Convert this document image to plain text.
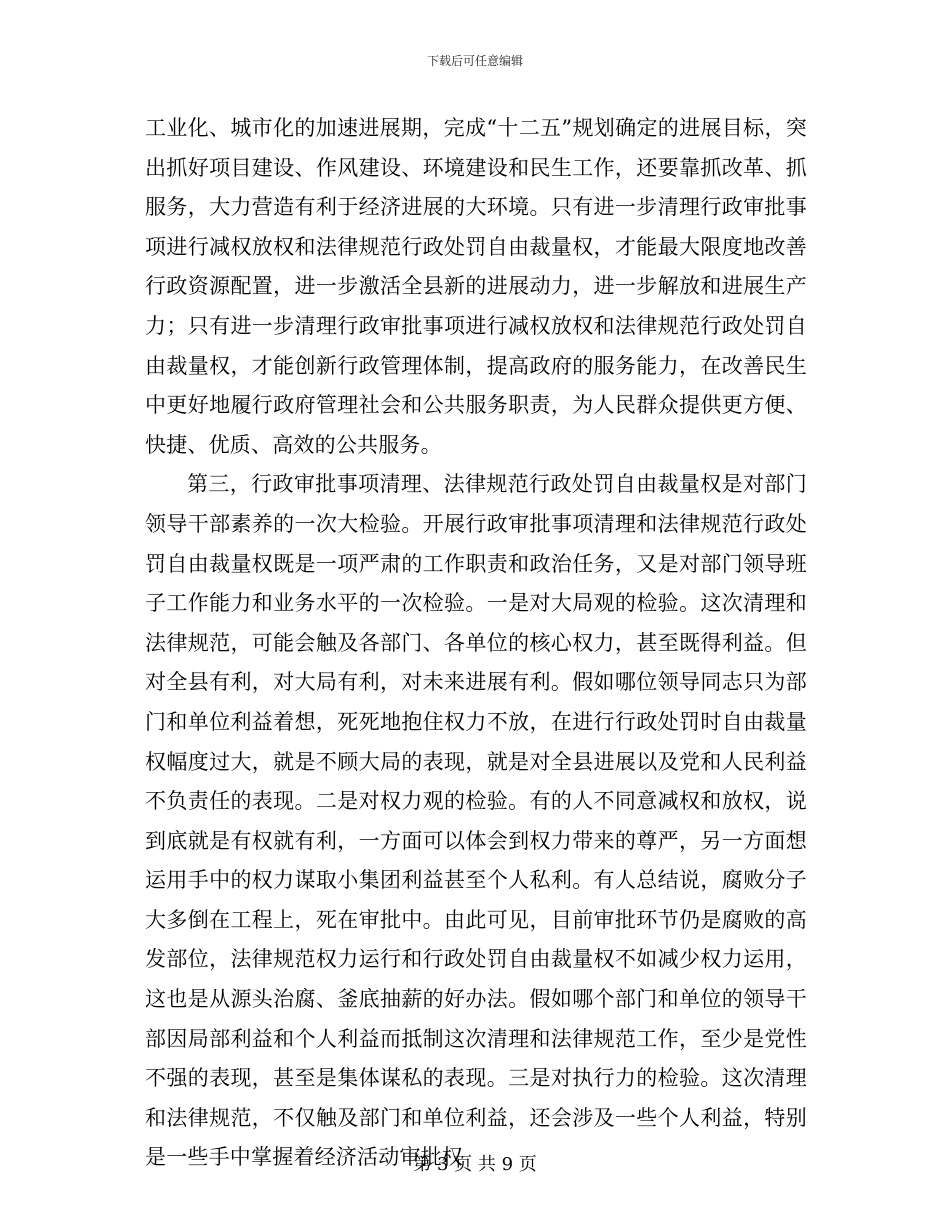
下载后可任意编辑

工业化、城市化的加速进展期，完成“十二五”规划确定的进展目标，突出抓好项目建设、作风建设、环境建设和民生工作，还要靠抓改革、抓服务，大力营造有利于经济进展的大环境。只有进一步清理行政审批事项进行减权放权和法律规范行政处罚自由裁量权，才能最大限度地改善行政资源配置，进一步激活全县新的进展动力，进一步解放和进展生产力；只有进一步清理行政审批事项进行减权放权和法律规范行政处罚自由裁量权，才能创新行政管理体制，提高政府的服务能力，在改善民生中更好地履行政府管理社会和公共服务职责，为人民群众提供更方便、快捷、优质、高效的公共服务。

第三，行政审批事项清理、法律规范行政处罚自由裁量权是对部门领导干部素养的一次大检验。开展行政审批事项清理和法律规范行政处罚自由裁量权既是一项严肃的工作职责和政治任务，又是对部门领导班子工作能力和业务水平的一次检验。一是对大局观的检验。这次清理和法律规范，可能会触及各部门、各单位的核心权力，甚至既得利益。但对全县有利，对大局有利，对未来进展有利。假如哪位领导同志只为部门和单位利益着想，死死地抱住权力不放，在进行行政处罚时自由裁量权幅度过大，就是不顾大局的表现，就是对全县进展以及党和人民利益不负责任的表现。二是对权力观的检验。有的人不同意减权和放权，说到底就是有权就有利，一方面可以体会到权力带来的尊严，另一方面想运用手中的权力谋取小集团利益甚至个人私利。有人总结说，腐败分子大多倒在工程上，死在审批中。由此可见，目前审批环节仍是腐败的高发部位，法律规范权力运行和行政处罚自由裁量权不如减少权力运用，这也是从源头治腐、釜底抽薪的好办法。假如哪个部门和单位的领导干部因局部利益和个人利益而抵制这次清理和法律规范工作，至少是党性不强的表现，甚至是集体谋私的表现。三是对执行力的检验。这次清理和法律规范，不仅触及部门和单位利益，还会涉及一些个人利益，特别是一些手中掌握着经济活动审批权

第 3 页 共 9 页
